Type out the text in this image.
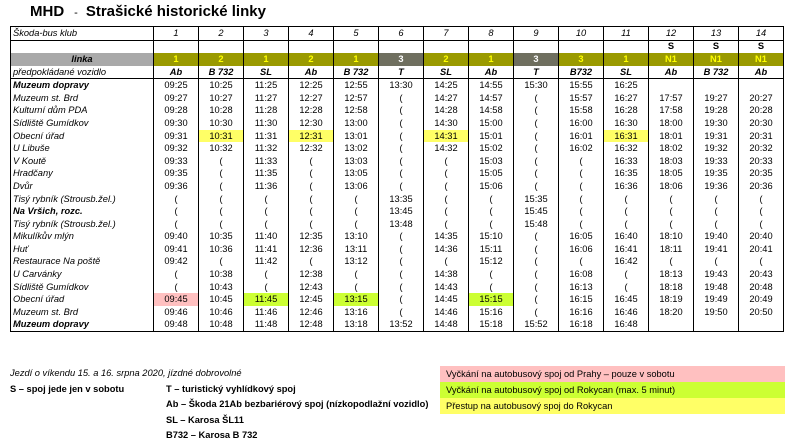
MHD - Strašické historické linky
Škoda-bus klub	1	2	3	4	5	6	7	8	9	10	11	12	13	14
												S	S	S
linka	1	2	1	2	1	3	2	1	3	3	1	N1	N1	N1
předpokládané vozidlo	Ab	B 732	SL	Ab	B 732	T	SL	Ab	T	B732	SL	Ab	B 732	Ab
Muzeum dopravy	09:25	10:25	11:25	12:25	12:55	13:30	14:25	14:55	15:30	15:55	16:25			
Muzeum st. Brd	09:27	10:27	11:27	12:27	12:57	(	14:27	14:57	(	15:57	16:27	17:57	19:27	20:27
Kulturní dům PDA	09:28	10:28	11:28	12:28	12:58	(	14:28	14:58	(	15:58	16:28	17:58	19:28	20:28
Sídliště Gumídkov	09:30	10:30	11:30	12:30	13:00	(	14:30	15:00	(	16:00	16:30	18:00	19:30	20:30
Obecní úřad	09:31	10:31	11:31	12:31	13:01	(	14:31	15:01	(	16:01	16:31	18:01	19:31	20:31
U Libuše	09:32	10:32	11:32	12:32	13:02	(	14:32	15:02	(	16:02	16:32	18:02	19:32	20:32
V Koutě	09:33	(	11:33	(	13:03	(	(	15:03	(	(	16:33	18:03	19:33	20:33
Hradčany	09:35	(	11:35	(	13:05	(	(	15:05	(	(	16:35	18:05	19:35	20:35
Dvůr	09:36	(	11:36	(	13:06	(	(	15:06	(	(	16:36	18:06	19:36	20:36
Tisý rybník (Strousb.žel.)	(	(	(	(	(	13:35	(	(	15:35	(	(	(	(	(
Na Vršich, rozc.	(	(	(	(	(	13:45	(	(	15:45	(	(	(	(	(
Tisý rybník (Strousb.žel.)	(	(	(	(	(	13:48	(	(	15:48	(	(	(	(	(
Mikulíkův mlýn	09:40	10:35	11:40	12:35	13:10	(	14:35	15:10	(	16:05	16:40	18:10	19:40	20:40
Huť	09:41	10:36	11:41	12:36	13:11	(	14:36	15:11	(	16:06	16:41	18:11	19:41	20:41
Restaurace Na poště	09:42	(	11:42	(	13:12	(	(	15:12	(	(	16:42	(	(	(
U Carvánky	(	10:38	(	12:38	(	(	14:38	(	(	16:08	(	18:13	19:43	20:43
Sídliště Gumídkov	(	10:43	(	12:43	(	(	14:43	(	(	16:13	(	18:18	19:48	20:48
Obecní úřad	09:45	10:45	11:45	12:45	13:15	(	14:45	15:15	(	16:15	16:45	18:19	19:49	20:49
Muzeum st. Brd	09:46	10:46	11:46	12:46	13:16	(	14:46	15:16	(	16:16	16:46	18:20	19:50	20:50
Muzeum dopravy	09:48	10:48	11:48	12:48	13:18	13:52	14:48	15:18	15:52	16:18	16:48			
Jezdí o víkendu 15. a 16. srpna 2020, jízdné dobrovolné
S – spoj jede jen v sobotu	T – turistický vyhlídkový spoj
Ab – Škoda 21Ab bezbariérový spoj (nízkopodlažní vozidlo)
SL – Karosa ŠL11
B732 – Karosa B 732
Vyčkání na autobusový spoj od Prahy – pouze v sobotu
Vyčkání na autobusový spoj od Rokycan (max. 5 minut)
Přestup na autobusový spoj do Rokycan
